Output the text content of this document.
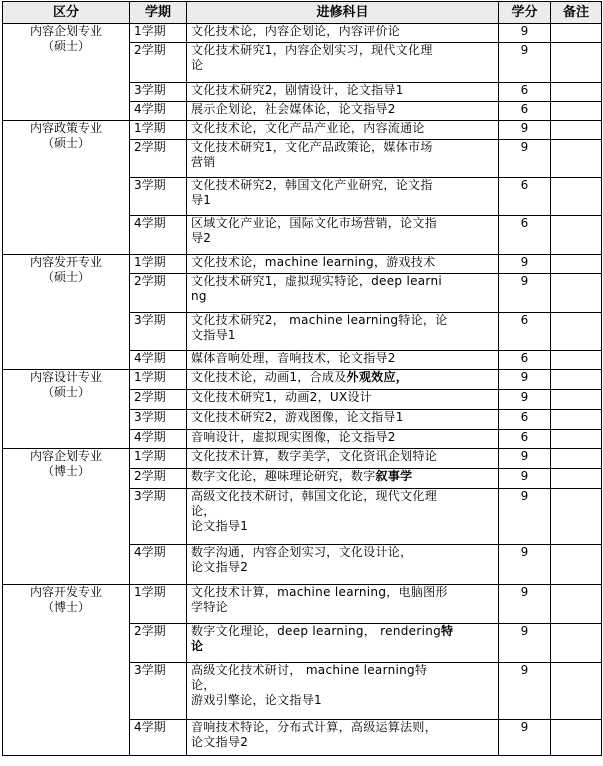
区分	学期	进修科目	学分	备注

内容企划专业
（硕士）	1学期	文化技术论，内容企划论，内容评价论	9	
	2学期	文化技术研究1，内容企划实习，现代文化理
论	9	
	3学期	文化技术研究2，剧情设计，论文指导1	6	
	4学期	展示企划论，社会媒体论，论文指导2	6	

内容政策专业
（硕士）	1学期	文化技术论，文化产品产业论，内容流通论	9	
	2学期	文化技术研究1，文化产品政策论，媒体市场
营销	9	
	3学期	文化技术研究2，韩国文化产业研究，论文指
导1	6	
	4学期	区域文化产业论，国际文化市场营销，论文指
导2	6	

内容发开专业
（硕士）	1学期	文化技术论，machine learning，游戏技术	9	
	2学期	文化技术研究1，虚拟现实特论，deep learni
ng	9	
	3学期	文化技术研究2， machine learning特论，论
文指导1	6	
	4学期	媒体音响处理，音响技术，论文指导2	6	

内容设计专业
（硕士）	1学期	文化技术论，动画1，合成及外观效应，	9	
	2学期	文化技术研究1，动画2，UX设计	9	
	3学期	文化技术研究2，游戏图像，论文指导1	6	
	4学期	音响设计，虚拟现实图像，论文指导2	6	

内容企划专业
（博士）	1学期	文化技术计算，数字美学，文化资讯企划特论	9	
	2学期	数字文化论，趣味理论研究，数字叙事学	9	
	3学期	高级文化技术研讨，韩国文化论，现代文化理
论，
论文指导1	9	
	4学期	数字沟通，内容企划实习，文化设计论，
论文指导2	9	

内容开发专业
（博士）	1学期	文化技术计算，machine learning，电脑图形
学特论	9	
	2学期	数字文化理论，deep learning， rendering特
论	9	
	3学期	高级文化技术研讨， machine learning特
论，
游戏引擎论，论文指导1	9	
	4学期	音响技术特论，分布式计算，高级运算法则，
论文指导2	9	
